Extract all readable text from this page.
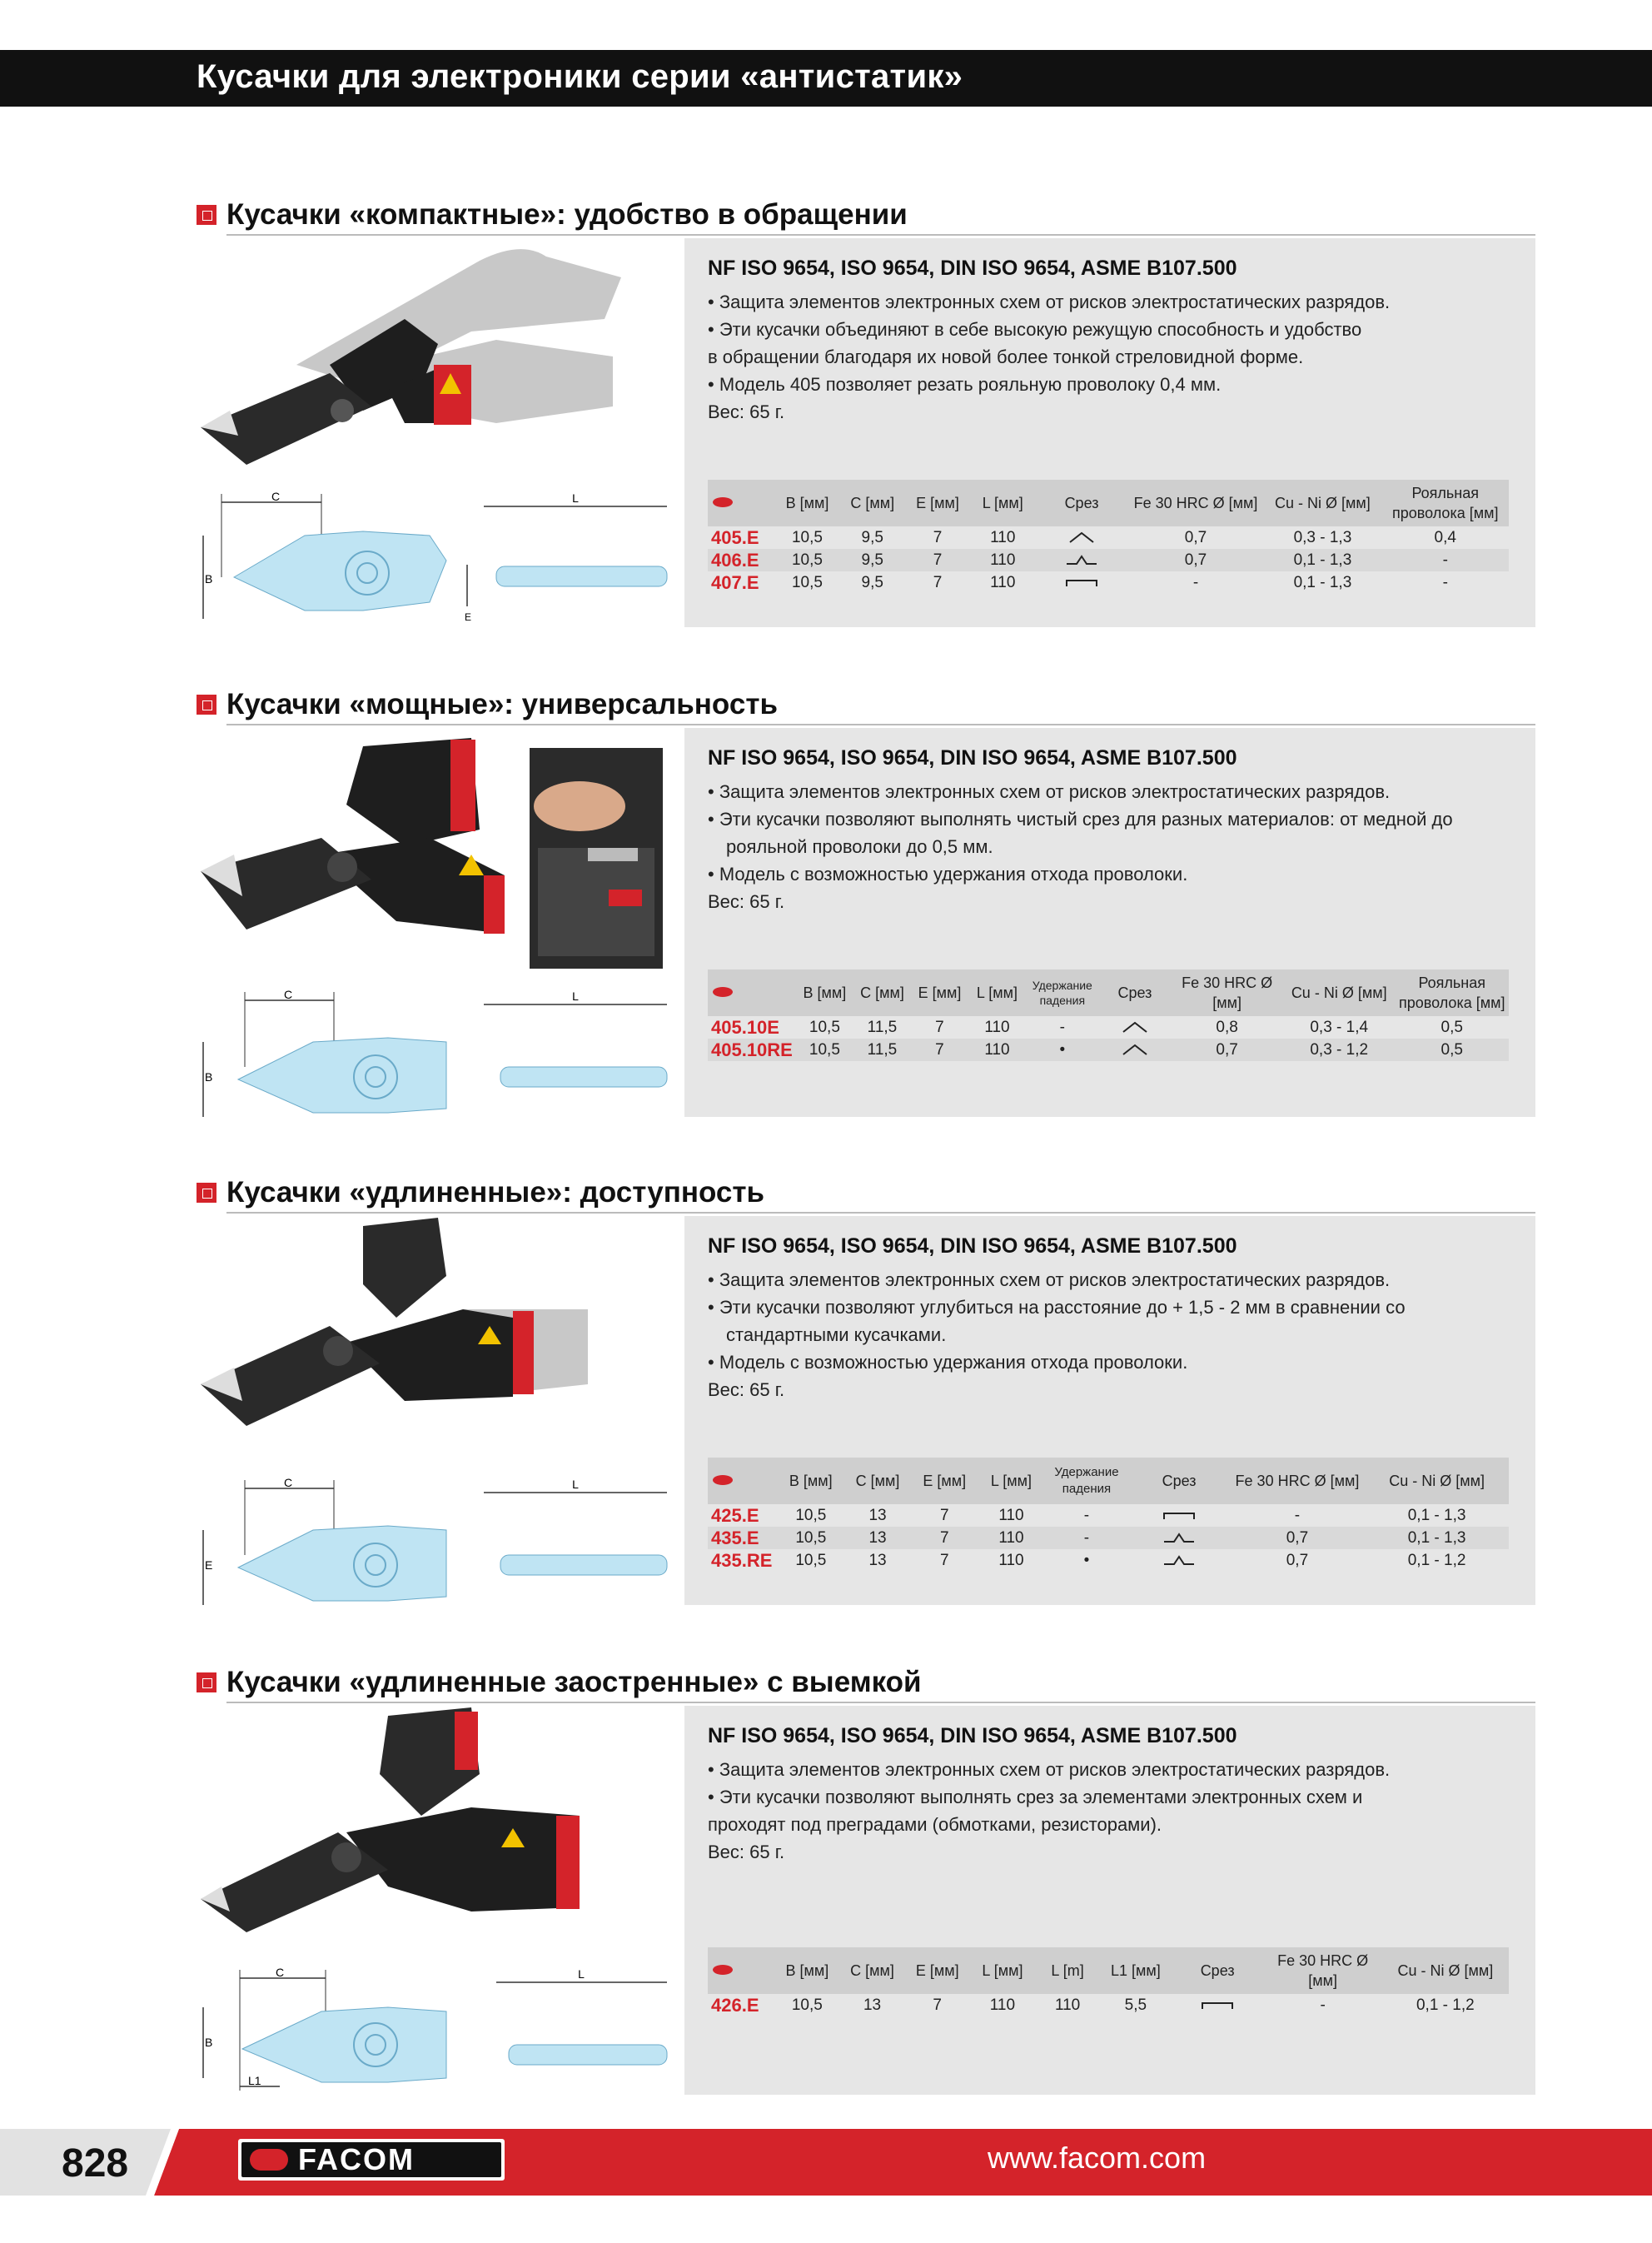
Кусачки для электроники серии «антистатик»
Кусачки «компактные»: удобство в обращении
C
B
L
E
NF ISO 9654, ISO 9654, DIN ISO 9654, ASME B107.500
• Защита элементов электронных схем от рисков электростатических разрядов.
• Эти кусачки объединяют в себе высокую режущую способность и удобство
в обращении благодаря их новой более тонкой стреловидной форме.
• Модель 405 позволяет резать рояльную проволоку 0,4 мм.
Вес: 65 г.
	B [мм]	C [мм]	E [мм]	L [мм]	Срез	Fe 30 HRC Ø [мм]	Cu - Ni Ø [мм]	Рояльная проволока [мм]
405.E	10,5	9,5	7	110		0,7	0,3 - 1,3	0,4
406.E	10,5	9,5	7	110		0,7	0,1 - 1,3	-
407.E	10,5	9,5	7	110		-	0,1 - 1,3	-
Кусачки «мощные»: универсальность
C
B
L
NF ISO 9654, ISO 9654, DIN ISO 9654, ASME B107.500
• Защита элементов электронных схем от рисков электростатических разрядов.
• Эти кусачки позволяют выполнять чистый срез для разных материалов: от медной до
рояльной проволоки до 0,5 мм.
• Модель с возможностью удержания отхода проволоки.
Вес: 65 г.
	B [мм]	C [мм]	E [мм]	L [мм]	Удержание падения	Срез	Fe 30 HRC Ø [мм]	Cu - Ni Ø [мм]	Рояльная проволока [мм]
405.10E	10,5	11,5	7	110	-		0,8	0,3 - 1,4	0,5
405.10RE	10,5	11,5	7	110	•		0,7	0,3 - 1,2	0,5
Кусачки «удлиненные»: доступность
C
E
L
NF ISO 9654, ISO 9654, DIN ISO 9654, ASME B107.500
• Защита элементов электронных схем от рисков электростатических разрядов.
• Эти кусачки позволяют углубиться на расстояние до + 1,5 - 2 мм в сравнении со
стандартными кусачками.
• Модель с возможностью удержания отхода проволоки.
Вес: 65 г.
	B [мм]	C [мм]	E [мм]	L [мм]	Удержание падения	Срез	Fe 30 HRC Ø [мм]	Cu - Ni Ø [мм]
425.E	10,5	13	7	110	-		-	0,1 - 1,3
435.E	10,5	13	7	110	-		0,7	0,1 - 1,3
435.RE	10,5	13	7	110	•		0,7	0,1 - 1,2
Кусачки «удлиненные заостренные» с выемкой
C
B
L1
L
NF ISO 9654, ISO 9654, DIN ISO 9654, ASME B107.500
• Защита элементов электронных схем от рисков электростатических разрядов.
• Эти кусачки позволяют выполнять срез за элементами электронных схем и
проходят под преградами (обмотками, резисторами).
Вес: 65 г.
	B [мм]	C [мм]	E [мм]	L [мм]	L [m]	L1 [мм]	Срез	Fe 30 HRC Ø [мм]	Cu - Ni Ø [мм]
426.E	10,5	13	7	110	110	5,5		-	0,1 - 1,2
828	FACOM	www.facom.com
